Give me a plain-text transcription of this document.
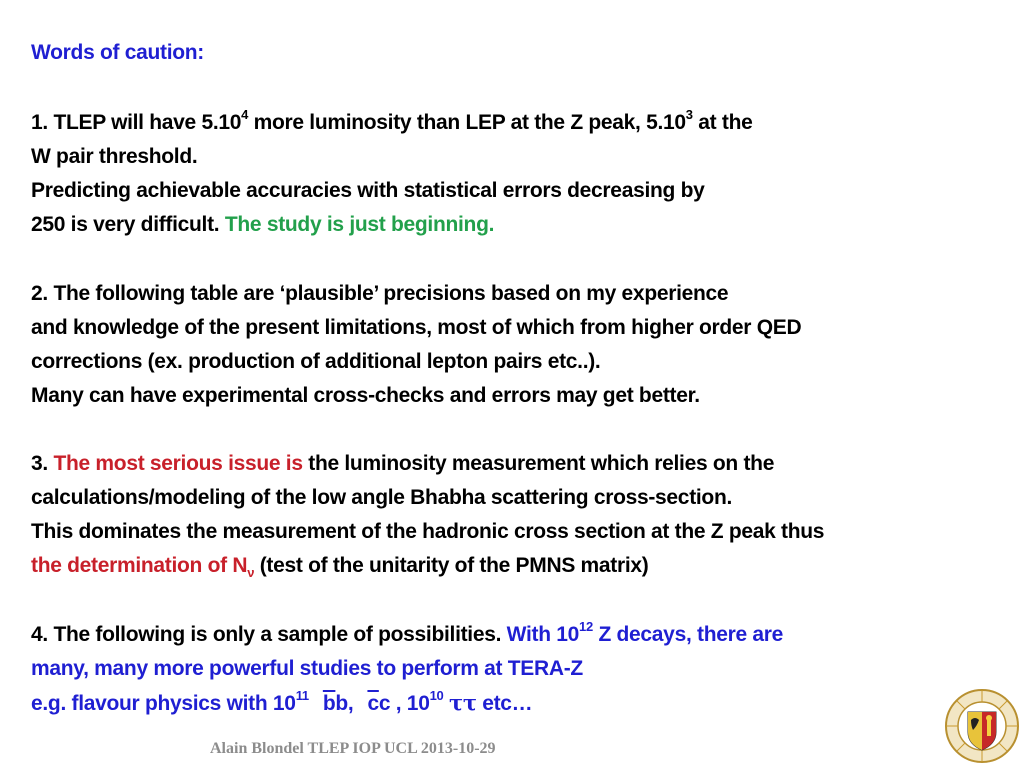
Words of caution:
1. TLEP will have 5.10$^4$ more luminosity than LEP at the Z peak, 5.10$^3$ at the
W pair threshold.
Predicting achievable accuracies with statistical errors decreasing by
250 is very difficult. The study is just beginning.
2. The following table are ‘plausible’ precisions based on my experience
and knowledge of the present limitations, most of which from higher order QED
corrections (ex. production of additional lepton pairs etc..).
Many can have experimental cross-checks and errors may get better.
3. The most serious issue is the luminosity measurement which relies on the
calculations/modeling of the low angle Bhabha scattering cross-section.
This dominates the measurement of the hadronic cross section at the Z peak thus
the determination of $N_\nu$ (test of the unitarity of the PMNS matrix)
4. The following is only a sample of possibilities. With $10^{12}$ Z decays, there are
many, many more powerful studies to perform at TERA-Z
e.g. flavour physics with $10^{11}$ $\overline{b}b$, $\overline{c}c$ , $10^{10}$ ττ etc…
Alain Blondel TLEP IOP UCL 2013-10-29
